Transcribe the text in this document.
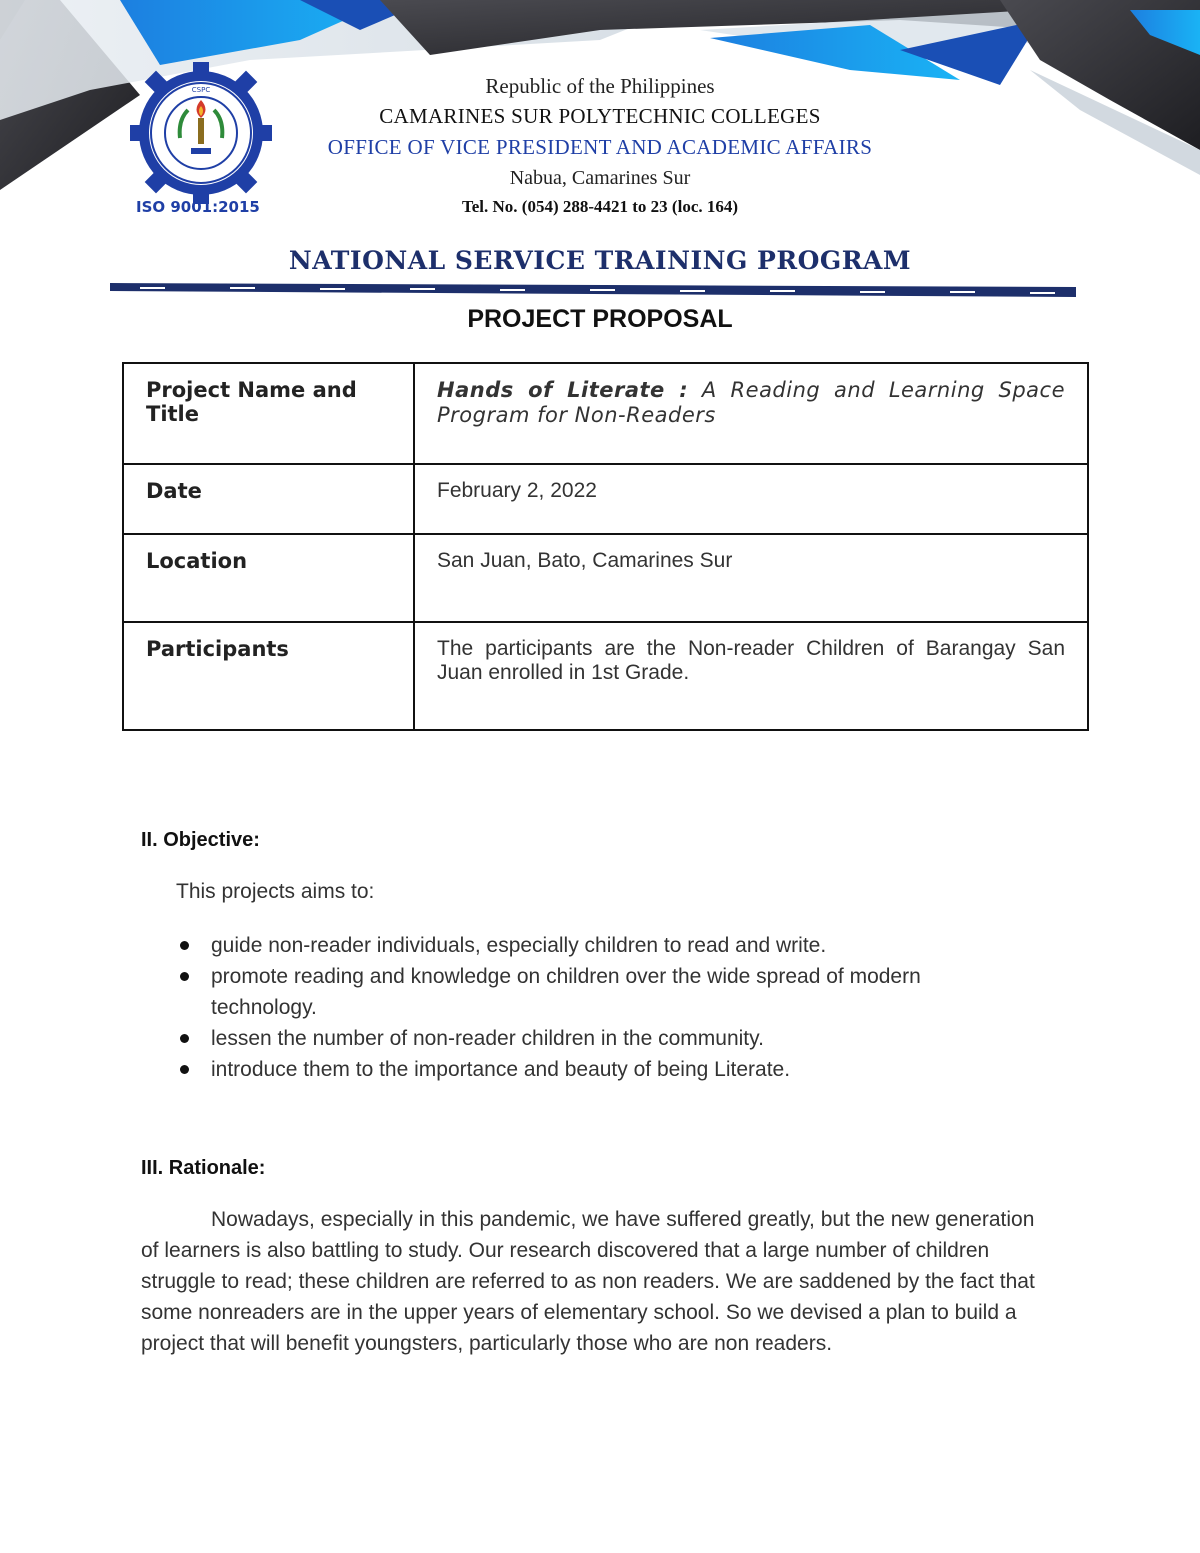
CSPC
ISO 9001:2015
Republic of the Philippines
CAMARINES SUR POLYTECHNIC COLLEGES
OFFICE OF VICE PRESIDENT AND ACADEMIC AFFAIRS
Nabua, Camarines Sur
Tel. No. (054) 288-4421 to 23 (loc. 164)
NATIONAL SERVICE TRAINING PROGRAM
PROJECT PROPOSAL
Project Name and Title	Hands of Literate : A Reading and Learning Space Program for Non-Readers
Date	February 2, 2022
Location	San Juan, Bato, Camarines Sur
Participants	The participants are the Non-reader Children of Barangay San Juan enrolled in 1st Grade.
II. Objective:
This projects aims to:
guide non-reader individuals, especially children to read and write.
promote reading and knowledge on children over the wide spread of modern technology.
lessen the number of non-reader children in the community.
introduce them to the importance and beauty of being Literate.
III. Rationale:
Nowadays, especially in this pandemic, we have suffered greatly, but the new generation of learners is also battling to study. Our research discovered that a large number of children struggle to read; these children are referred to as non readers. We are saddened by the fact that some nonreaders are in the upper years of elementary school. So we devised a plan to build a project that will benefit youngsters, particularly those who are non readers.
